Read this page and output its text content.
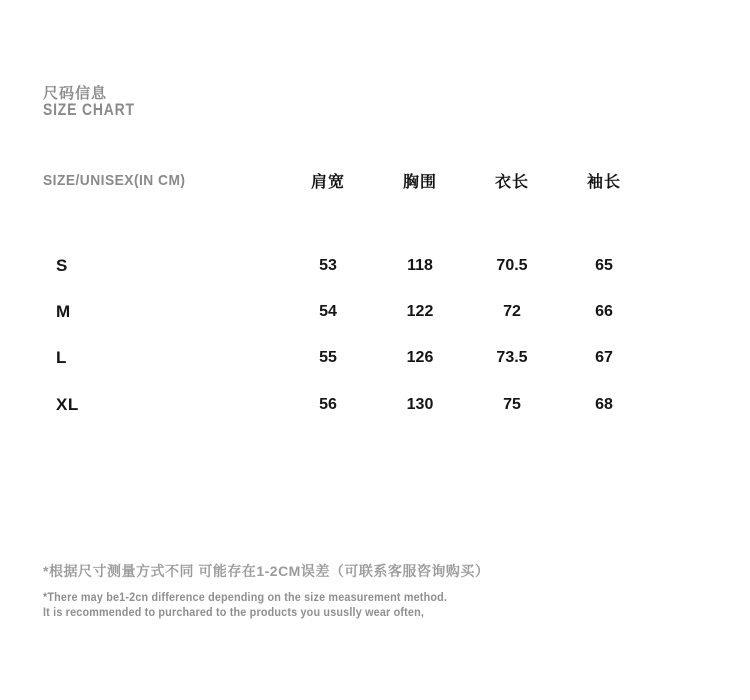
尺码信息
SIZE CHART
SIZE/UNISEX(IN CM)	肩宽	胸围	衣长	袖长
S	53	118	70.5	65
M	54	122	72	66
L	55	126	73.5	67
XL	56	130	75	68
*根据尺寸测量方式不同 可能存在1-2CM误差（可联系客服咨询购买）
*There may be1-2cn difference depending on the size measurement method.
It is recommended to purchared to the products you ususlly wear often,
